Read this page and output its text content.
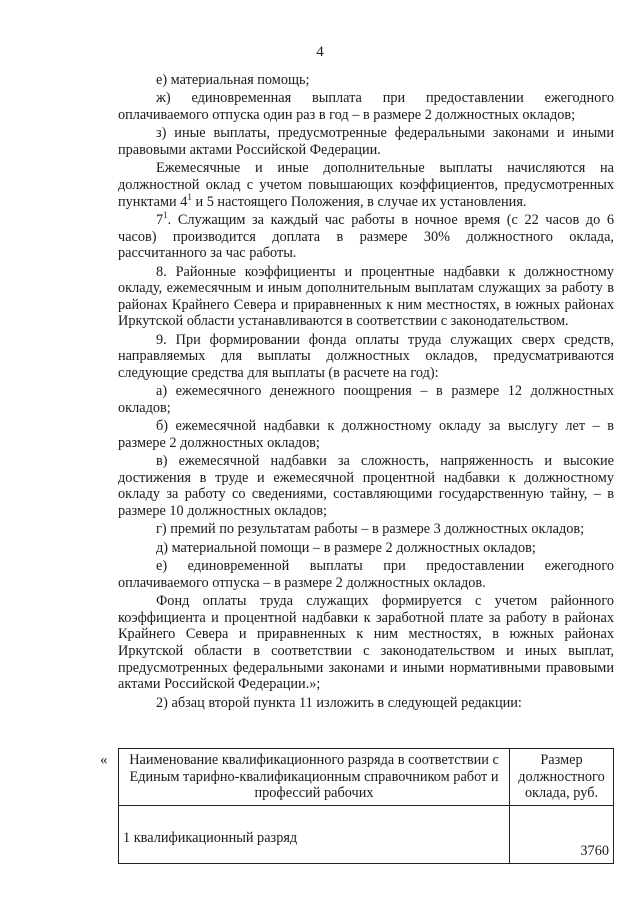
4

е) материальная помощь;

ж) единовременная выплата при предоставлении ежегодного оплачиваемого отпуска один раз в год – в размере 2 должностных окладов;

з) иные выплаты, предусмотренные федеральными законами и иными правовыми актами Российской Федерации.

Ежемесячные и иные дополнительные выплаты начисляются на должностной оклад с учетом повышающих коэффициентов, предусмотренных пунктами $4^1$ и 5 настоящего Положения, в случае их установления.

$7^1$. Служащим за каждый час работы в ночное время (с 22 часов до 6 часов) производится доплата в размере 30% должностного оклада, рассчитанного за час работы.

8. Районные коэффициенты и процентные надбавки к должностному окладу, ежемесячным и иным дополнительным выплатам служащих за работу в районах Крайнего Севера и приравненных к ним местностях, в южных районах Иркутской области устанавливаются в соответствии с законодательством.

9. При формировании фонда оплаты труда служащих сверх средств, направляемых для выплаты должностных окладов, предусматриваются следующие средства для выплаты (в расчете на год):

а) ежемесячного денежного поощрения – в размере 12 должностных окладов;

б) ежемесячной надбавки к должностному окладу за выслугу лет – в размере 2 должностных окладов;

в) ежемесячной надбавки за сложность, напряженность и высокие достижения в труде и ежемесячной процентной надбавки к должностному окладу за работу со сведениями, составляющими государственную тайну, – в размере 10 должностных окладов;

г) премий по результатам работы – в размере 3 должностных окладов;

д) материальной помощи – в размере 2 должностных окладов;

е) единовременной выплаты при предоставлении ежегодного оплачиваемого отпуска – в размере 2 должностных окладов.

Фонд оплаты труда служащих формируется с учетом районного коэффициента и процентной надбавки к заработной плате за работу в районах Крайнего Севера и приравненных к ним местностях, в южных районах Иркутской области в соответствии с законодательством и иных выплат, предусмотренных федеральными законами и иными нормативными правовыми актами Российской Федерации.»;

2) абзац второй пункта 11 изложить в следующей редакции:

« Наименование квалификационного разряда в соответствии с Единым тарифно-квалификационным справочником работ и профессий рабочих	Размер должностного оклада, руб.
1 квалификационный разряд	3760
